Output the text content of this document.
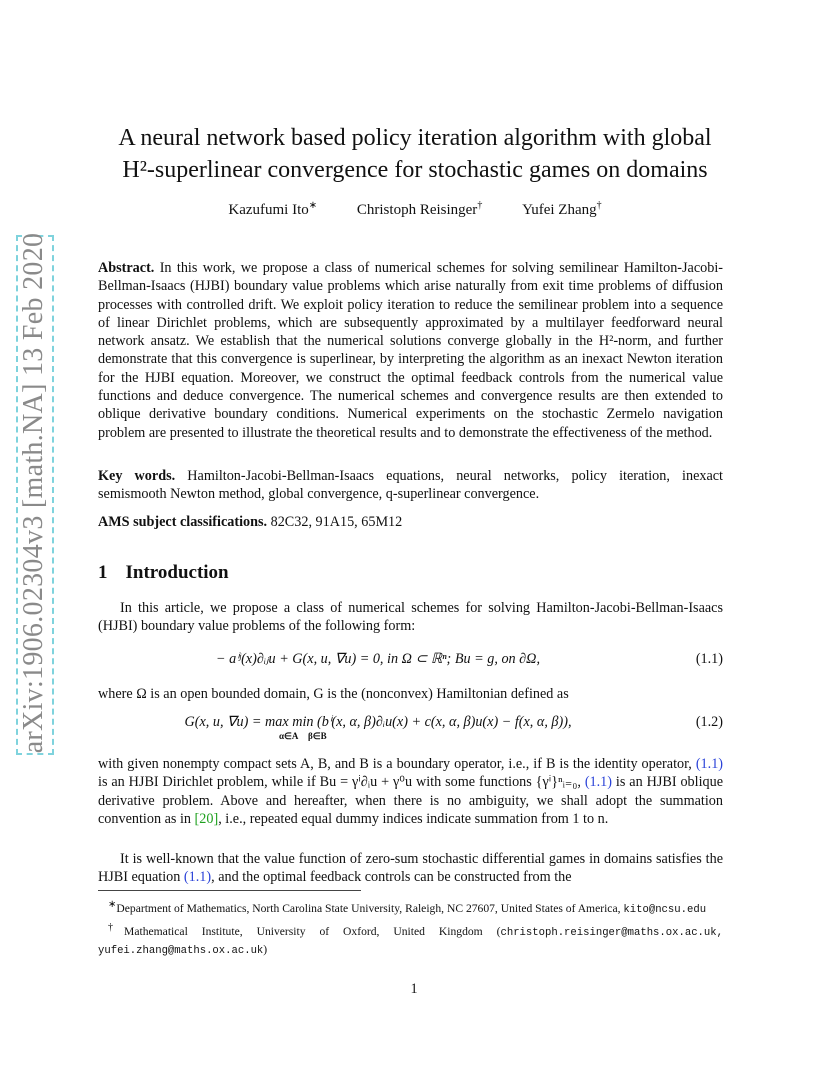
arXiv:1906.02304v3 [math.NA] 13 Feb 2020
A neural network based policy iteration algorithm with global
H²-superlinear convergence for stochastic games on domains
Kazufumi Ito∗	Christoph Reisinger†	Yufei Zhang†
Abstract. In this work, we propose a class of numerical schemes for solving semilinear Hamilton-Jacobi-Bellman-Isaacs (HJBI) boundary value problems which arise naturally from exit time problems of diffusion processes with controlled drift. We exploit policy iteration to reduce the semilinear problem into a sequence of linear Dirichlet problems, which are subsequently approximated by a multilayer feedforward neural network ansatz. We establish that the numerical solutions converge globally in the H²-norm, and further demonstrate that this convergence is superlinear, by interpreting the algorithm as an inexact Newton iteration for the HJBI equation. Moreover, we construct the optimal feedback controls from the numerical value functions and deduce convergence. The numerical schemes and convergence results are then extended to oblique derivative boundary conditions. Numerical experiments on the stochastic Zermelo navigation problem are presented to illustrate the theoretical results and to demonstrate the effectiveness of the method.
Key words. Hamilton-Jacobi-Bellman-Isaacs equations, neural networks, policy iteration, inexact semismooth Newton method, global convergence, q-superlinear convergence.
AMS subject classifications. 82C32, 91A15, 65M12
1 Introduction
In this article, we propose a class of numerical schemes for solving Hamilton-Jacobi-Bellman-Isaacs (HJBI) boundary value problems of the following form:
− aⁱʲ(x)∂ᵢⱼu + G(x, u, ∇u) = 0, in Ω ⊂ ℝⁿ; Bu = g, on ∂Ω,	(1.1)
where Ω is an open bounded domain, G is the (nonconvex) Hamiltonian defined as
G(x, u, ∇u) = max min (bⁱ(x, α, β)∂ᵢu(x) + c(x, α, β)u(x) − f(x, α, β)),
α∈A β∈B
(1.2)
with given nonempty compact sets A, B, and B is a boundary operator, i.e., if B is the identity operator, (1.1) is an HJBI Dirichlet problem, while if Bu = γⁱ∂ᵢu + γ⁰u with some functions {γⁱ}ⁿᵢ₌₀, (1.1) is an HJBI oblique derivative problem. Above and hereafter, when there is no ambiguity, we shall adopt the summation convention as in [20], i.e., repeated equal dummy indices indicate summation from 1 to n.
It is well-known that the value function of zero-sum stochastic differential games in domains satisfies the HJBI equation (1.1), and the optimal feedback controls can be constructed from the

∗Department of Mathematics, North Carolina State University, Raleigh, NC 27607, United States of America, kito@ncsu.edu

†Mathematical Institute, University of Oxford, United Kingdom (christoph.reisinger@maths.ox.ac.uk, yufei.zhang@maths.ox.ac.uk)

1
